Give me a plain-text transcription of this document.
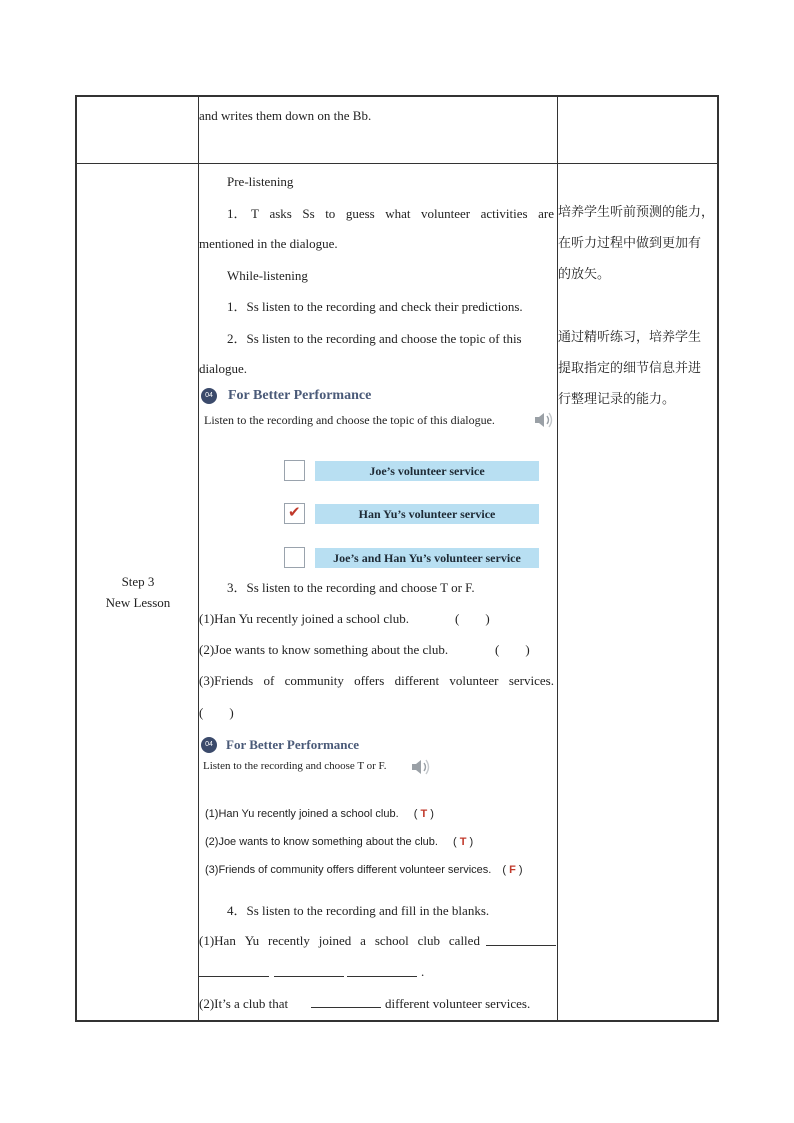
and writes them down on the Bb.
Step 3
New Lesson
Pre-listening
1． T asks Ss to guess what volunteer activities are
mentioned in the dialogue.
While-listening
1．Ss listen to the recording and check their predictions.
2．Ss listen to the recording and choose the topic of this
dialogue.
04 For Better Performance
Listen to the recording and choose the topic of this dialogue.
Joe’s volunteer service
✔	Han Yu’s volunteer service
Joe’s and Han Yu’s volunteer service
3．Ss listen to the recording and choose T or F.
(1)Han Yu recently joined a school club.	(　　)
(2)Joe wants to know something about the club.	(　　)
(3)Friends of community offers different volunteer services.
(　　)
04	For Better Performance
Listen to the recording and choose T or F.
(1)Han Yu recently joined a school club. ( T )
(2)Joe wants to know something about the club. ( T )
(3)Friends of community offers different volunteer services. ( F )
4．Ss listen to the recording and fill in the blanks.
(1)Han Yu recently joined a school club called
.
(2)It’s a club that	different volunteer services.
培养学生听前预测的能力，
在听力过程中做到更加有
的放矢。
通过精听练习，培养学生
提取指定的细节信息并进
行整理记录的能力。
